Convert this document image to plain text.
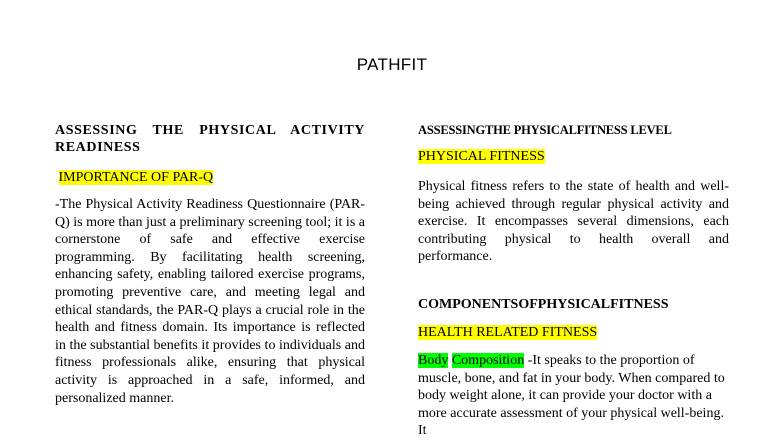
PATHFIT
ASSESSING THE PHYSICAL ACTIVITY
READINESS

IMPORTANCE OF PAR-Q

-The Physical Activity Readiness Questionnaire (PAR-Q) is more than just a preliminary screening tool; it is a cornerstone of safe and effective exercise programming. By facilitating health screening, enhancing safety, enabling tailored exercise programs, promoting preventive care, and meeting legal and ethical standards, the PAR-Q plays a crucial role in the health and fitness domain. Its importance is reflected in the substantial benefits it provides to individuals and fitness professionals alike, ensuring that physical activity is approached in a safe, informed, and personalized manner.

ASSESSINGTHE PHYSICALFITNESS LEVEL

PHYSICAL FITNESS

Physical fitness refers to the state of health and well-being achieved through regular physical activity and exercise. It encompasses several dimensions, each contributing physical to health overall and performance.

COMPONENTSOFPHYSICALFITNESS

HEALTH RELATED FITNESS

Body Composition -It speaks to the proportion of muscle, bone, and fat in your body. When compared to body weight alone, it can provide your doctor with a more accurate assessment of your physical well-being. It
